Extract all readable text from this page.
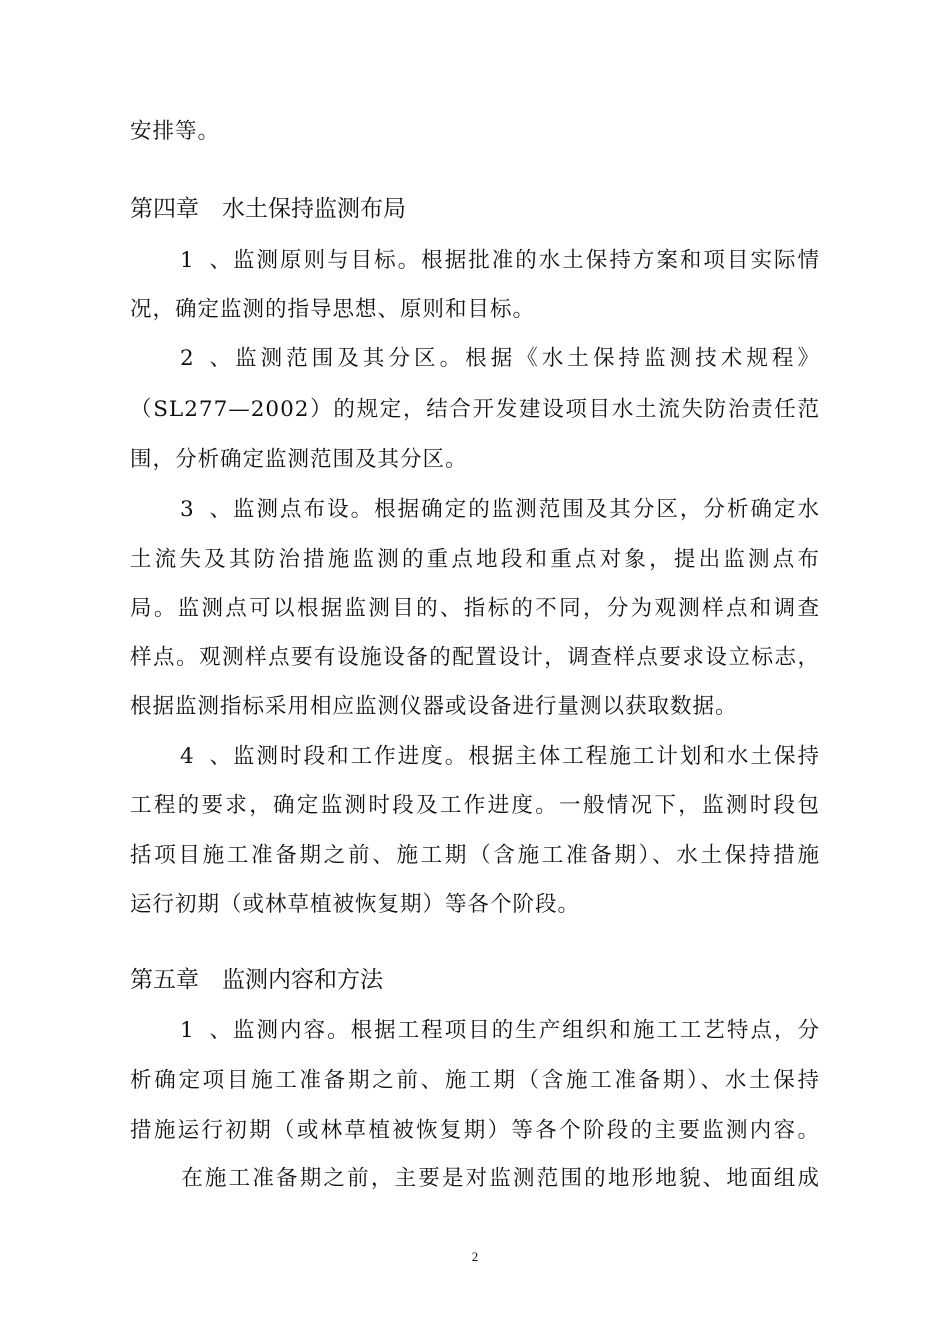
安排等。
第四章　水土保持监测布局
1、监测原则与目标。根据批准的水土保持方案和项目实际情
况，确定监测的指导思想、原则和目标。
2、监测范围及其分区。根据《水土保持监测技术规程》
（SL277—2002）的规定，结合开发建设项目水土流失防治责任范
围，分析确定监测范围及其分区。
3、监测点布设。根据确定的监测范围及其分区，分析确定水
土流失及其防治措施监测的重点地段和重点对象，提出监测点布
局。监测点可以根据监测目的、指标的不同，分为观测样点和调查
样点。观测样点要有设施设备的配置设计，调查样点要求设立标志，
根据监测指标采用相应监测仪器或设备进行量测以获取数据。
4、监测时段和工作进度。根据主体工程施工计划和水土保持
工程的要求，确定监测时段及工作进度。一般情况下，监测时段包
括项目施工准备期之前、施工期（含施工准备期）、水土保持措施
运行初期（或林草植被恢复期）等各个阶段。
第五章　监测内容和方法
1、监测内容。根据工程项目的生产组织和施工工艺特点，分
析确定项目施工准备期之前、施工期（含施工准备期）、水土保持
措施运行初期（或林草植被恢复期）等各个阶段的主要监测内容。
在施工准备期之前，主要是对监测范围的地形地貌、地面组成
2
